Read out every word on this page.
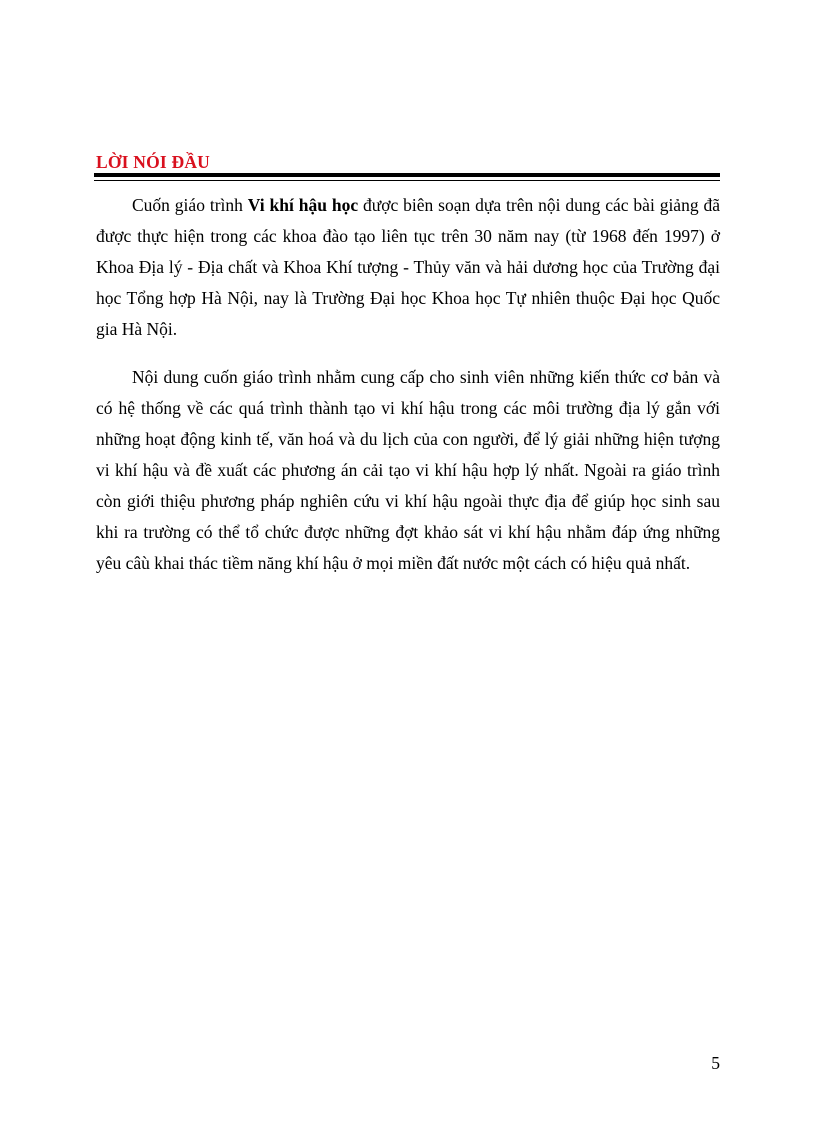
LỜI NÓI ĐẦU

Cuốn giáo trình Vi khí hậu học được biên soạn dựa trên nội dung các bài giảng đã được thực hiện trong các khoa đào tạo liên tục trên 30 năm nay (từ 1968 đến 1997) ở Khoa Địa lý - Địa chất và Khoa Khí tượng - Thủy văn và hải dương học của Trường đại học Tổng hợp Hà Nội, nay là Trường Đại học Khoa học Tự nhiên thuộc Đại học Quốc gia Hà Nội.

Nội dung cuốn giáo trình nhằm cung cấp cho sinh viên những kiến thức cơ bản và có hệ thống về các quá trình thành tạo vi khí hậu trong các môi trường địa lý gắn với những hoạt động kinh tế, văn hoá và du lịch của con người, để lý giải những hiện tượng vi khí hậu và đề xuất các phương án cải tạo vi khí hậu hợp lý nhất. Ngoài ra giáo trình còn giới thiệu phương pháp nghiên cứu vi khí hậu ngoài thực địa để giúp học sinh sau khi ra trường có thể tổ chức được những đợt khảo sát vi khí hậu nhằm đáp ứng những yêu câù khai thác tiềm năng khí hậu ở mọi miền đất nước một cách có hiệu quả nhất.

5
